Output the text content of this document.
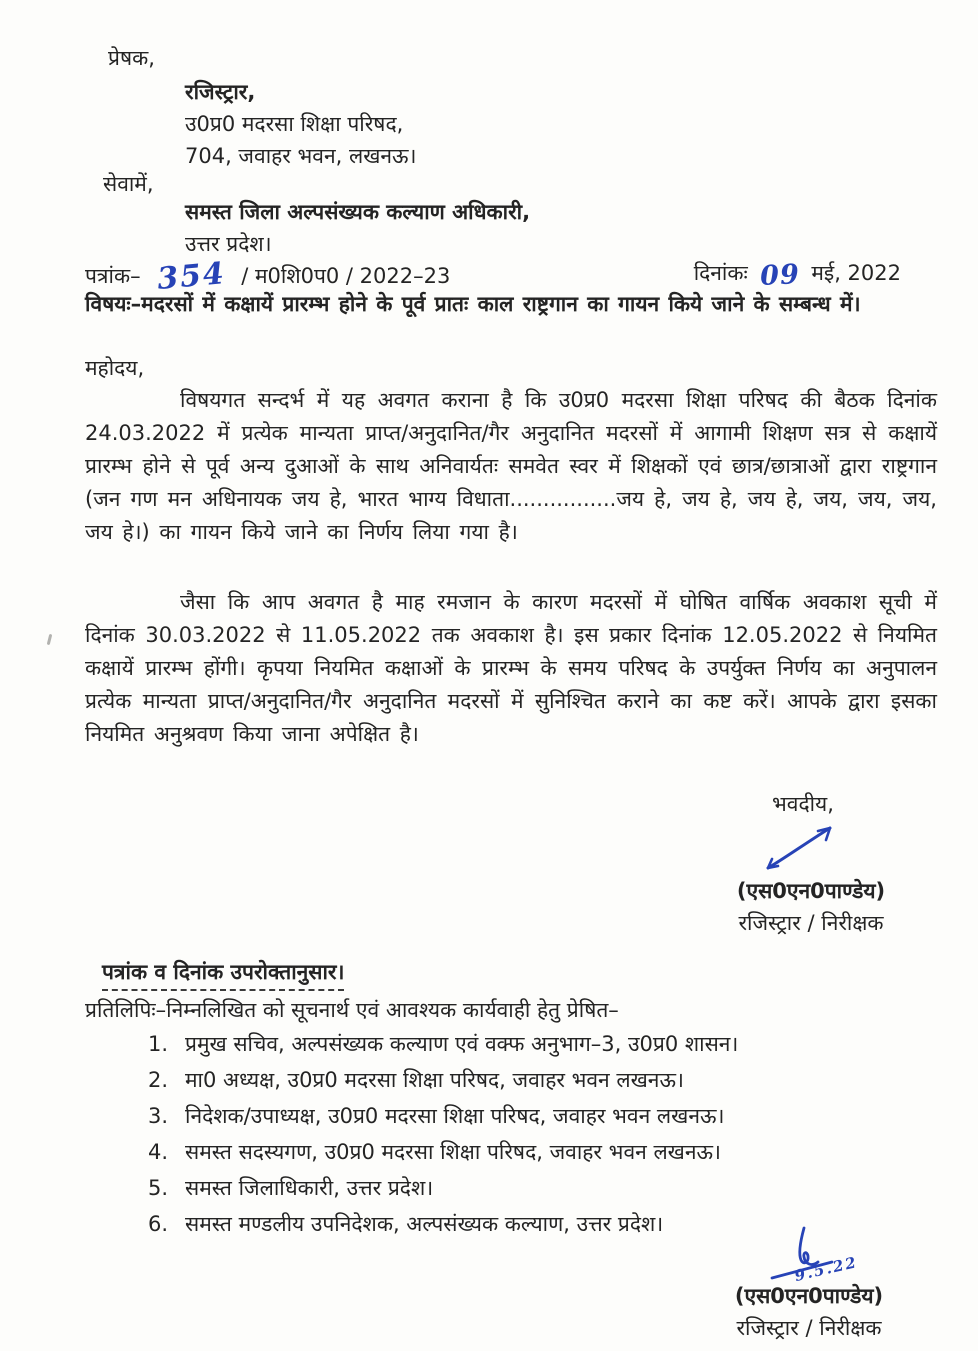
प्रेषक,
रजिस्ट्रार,
उ0प्र0 मदरसा शिक्षा परिषद,
704, जवाहर भवन, लखनऊ।
सेवामें,
समस्त जिला अल्पसंख्यक कल्याण अधिकारी,
उत्तर प्रदेश।
पत्रांक– 354 / म0शि0प0 / 2022–23	दिनांकः 09 मई, 2022
विषयः–मदरसों में कक्षायें प्रारम्भ होने के पूर्व प्रातः काल राष्ट्रगान का गायन किये जाने के सम्बन्ध में।
महोदय,
विषयगत सन्दर्भ में यह अवगत कराना है कि उ0प्र0 मदरसा शिक्षा परिषद की बैठक दिनांक 24.03.2022 में प्रत्येक मान्यता प्राप्त/अनुदानित/गैर अनुदानित मदरसों में आगामी शिक्षण सत्र से कक्षायें प्रारम्भ होने से पूर्व अन्य दुआओं के साथ अनिवार्यतः समवेत स्वर में शिक्षकों एवं छात्र/छात्राओं द्वारा राष्ट्रगान (जन गण मन अधिनायक जय हे, भारत भाग्य विधाता................जय हे, जय हे, जय हे, जय, जय, जय, जय हे।) का गायन किये जाने का निर्णय लिया गया है।
जैसा कि आप अवगत है माह रमजान के कारण मदरसों में घोषित वार्षिक अवकाश सूची में दिनांक 30.03.2022 से 11.05.2022 तक अवकाश है। इस प्रकार दिनांक 12.05.2022 से नियमित कक्षायें प्रारम्भ होंगी। कृपया नियमित कक्षाओं के प्रारम्भ के समय परिषद के उपर्युक्त निर्णय का अनुपालन प्रत्येक मान्यता प्राप्त/अनुदानित/गैर अनुदानित मदरसों में सुनिश्चित कराने का कष्ट करें। आपके द्वारा इसका नियमित अनुश्रवण किया जाना अपेक्षित है।
भवदीय,
(एस0एन0पाण्डेय)
रजिस्ट्रार / निरीक्षक
पत्रांक व दिनांक उपरोक्तानुसार।
प्रतिलिपिः–निम्नलिखित को सूचनार्थ एवं आवश्यक कार्यवाही हेतु प्रेषित–
1. प्रमुख सचिव, अल्पसंख्यक कल्याण एवं वक्फ अनुभाग–3, उ0प्र0 शासन।
2. मा0 अध्यक्ष, उ0प्र0 मदरसा शिक्षा परिषद, जवाहर भवन लखनऊ।
3. निदेशक/उपाध्यक्ष, उ0प्र0 मदरसा शिक्षा परिषद, जवाहर भवन लखनऊ।
4. समस्त सदस्यगण, उ0प्र0 मदरसा शिक्षा परिषद, जवाहर भवन लखनऊ।
5. समस्त जिलाधिकारी, उत्तर प्रदेश।
6. समस्त मण्डलीय उपनिदेशक, अल्पसंख्यक कल्याण, उत्तर प्रदेश।
9.5.22
(एस0एन0पाण्डेय)
रजिस्ट्रार / निरीक्षक
